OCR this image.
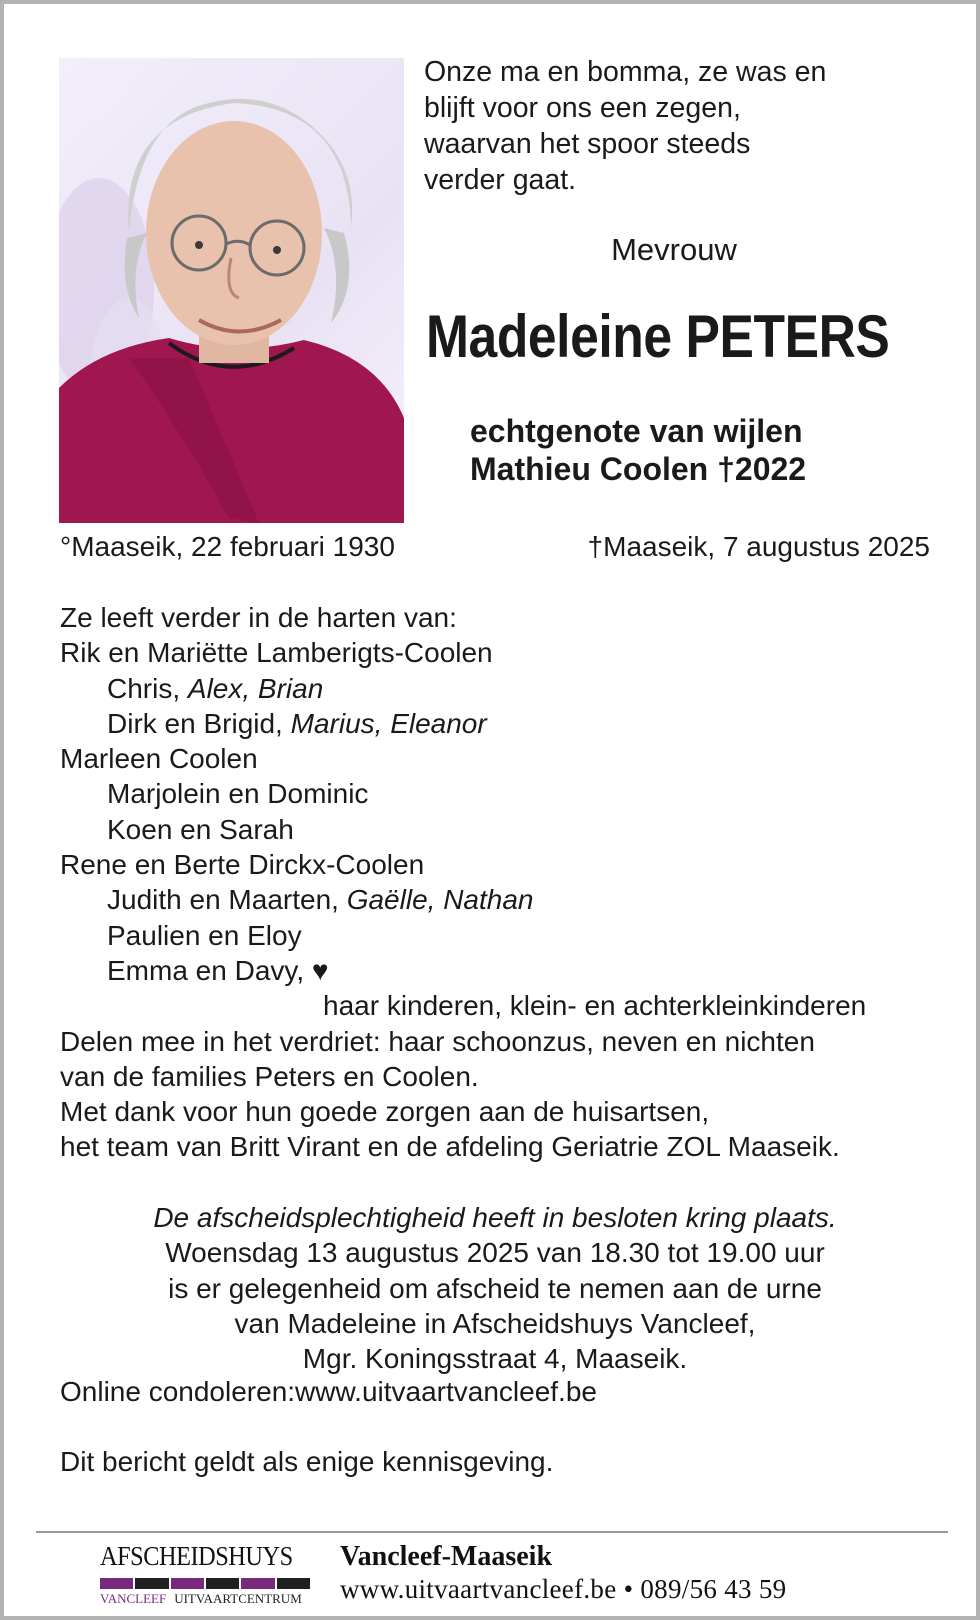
Onze ma en bomma, ze was en
blijft voor ons een zegen,
waarvan het spoor steeds
verder gaat.
Mevrouw
Madeleine PETERS
echtgenote van wijlen
Mathieu Coolen †2022
°Maaseik, 22 februari 1930	†Maaseik, 7 augustus 2025
Ze leeft verder in de harten van:
Rik en Mariëtte Lamberigts-Coolen
Chris, Alex, Brian
Dirk en Brigid, Marius, Eleanor
Marleen Coolen
Marjolein en Dominic
Koen en Sarah
Rene en Berte Dirckx-Coolen
Judith en Maarten, Gaëlle, Nathan
Paulien en Eloy
Emma en Davy, ♥
haar kinderen, klein- en achterkleinkinderen
Delen mee in het verdriet: haar schoonzus, neven en nichten
van de families Peters en Coolen.
Met dank voor hun goede zorgen aan de huisartsen,
het team van Britt Virant en de afdeling Geriatrie ZOL Maaseik.
De afscheidsplechtigheid heeft in besloten kring plaats.
Woensdag 13 augustus 2025 van 18.30 tot 19.00 uur
is er gelegenheid om afscheid te nemen aan de urne
van Madeleine in Afscheidshuys Vancleef,
Mgr. Koningsstraat 4, Maaseik.
Online condoleren:www.uitvaartvancleef.be
Dit bericht geldt als enige kennisgeving.
AFSCHEIDSHUYS
VANCLEEF UITVAARTCENTRUM
Vancleef-Maaseik
www.uitvaartvancleef.be • 089/56 43 59
